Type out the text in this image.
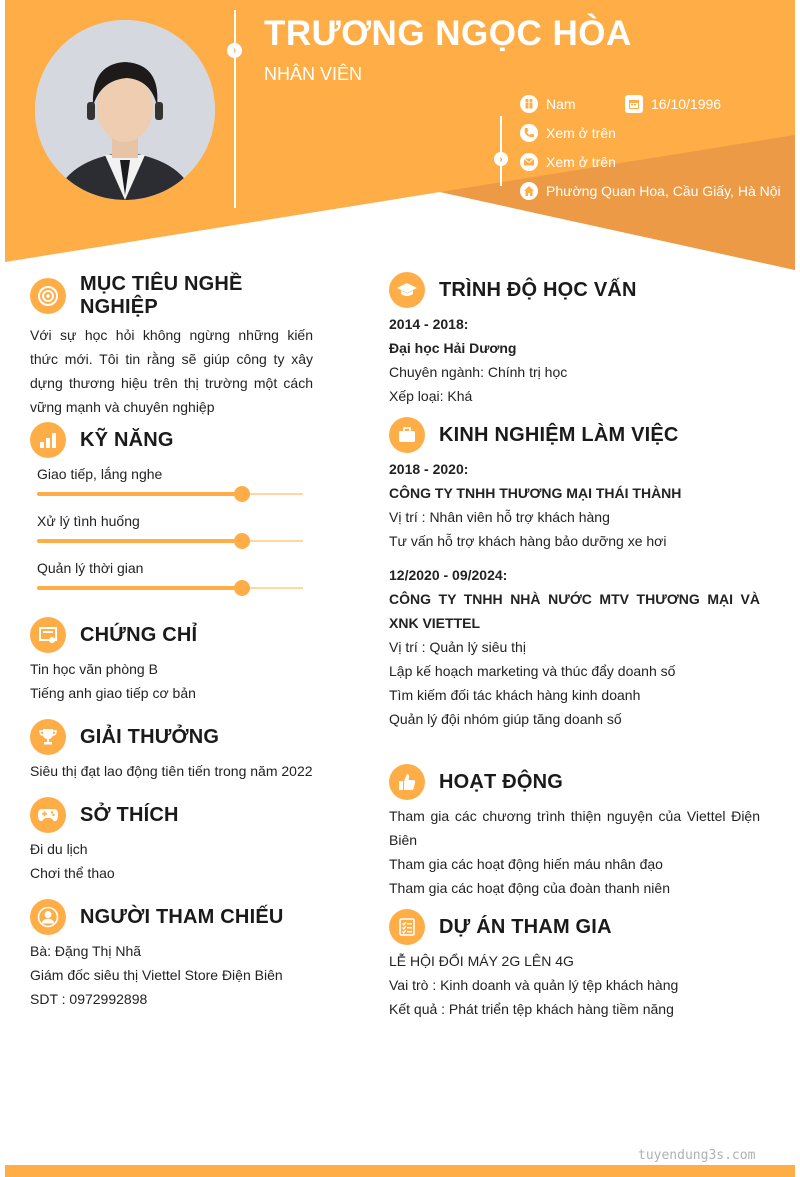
› TRƯƠNG NGỌC HÒA
NHÂN VIÊN
›
Nam	16/10/1996
Xem ở trên
Xem ở trên
Phường Quan Hoa, Cầu Giấy, Hà Nội
MỤC TIÊU NGHỀ NGHIỆP

Với sự học hỏi không ngừng những kiến thức mới. Tôi tin rằng sẽ giúp công ty xây dựng thương hiệu trên thị trường một cách vững mạnh và chuyên nghiệp

KỸ NĂNG
Giao tiếp, lắng nghe
Xử lý tình huống
Quản lý thời gian
CHỨNG CHỈ

Tin học văn phòng B

Tiếng anh giao tiếp cơ bản

GIẢI THƯỞNG

Siêu thị đạt lao động tiên tiến trong năm 2022

SỞ THÍCH

Đi du lịch

Chơi thể thao

NGƯỜI THAM CHIẾU

Bà: Đặng Thị Nhã

Giám đốc siêu thị Viettel Store Điện Biên

SDT : 0972992898

TRÌNH ĐỘ HỌC VẤN

2014 - 2018:

Đại học Hải Dương

Chuyên ngành: Chính trị học

Xếp loại: Khá

KINH NGHIỆM LÀM VIỆC

2018 - 2020:

CÔNG TY TNHH THƯƠNG MẠI THÁI THÀNH

Vị trí : Nhân viên hỗ trợ khách hàng

Tư vấn hỗ trợ khách hàng bảo dưỡng xe hơi

12/2020 - 09/2024:

CÔNG TY TNHH NHÀ NƯỚC MTV THƯƠNG MẠI VÀ XNK VIETTEL

Vị trí : Quản lý siêu thị

Lập kế hoạch marketing và thúc đẩy doanh số

Tìm kiếm đối tác khách hàng kinh doanh

Quản lý đội nhóm giúp tăng doanh số

HOẠT ĐỘNG

Tham gia các chương trình thiện nguyện của Viettel Điện Biên

Tham gia các hoạt động hiến máu nhân đạo

Tham gia các hoạt động của đoàn thanh niên

DỰ ÁN THAM GIA

LỄ HỘI ĐỔI MÁY 2G LÊN 4G

Vai trò : Kinh doanh và quản lý tệp khách hàng

Kết quả : Phát triển tệp khách hàng tiềm năng

tuyendung3s.com
